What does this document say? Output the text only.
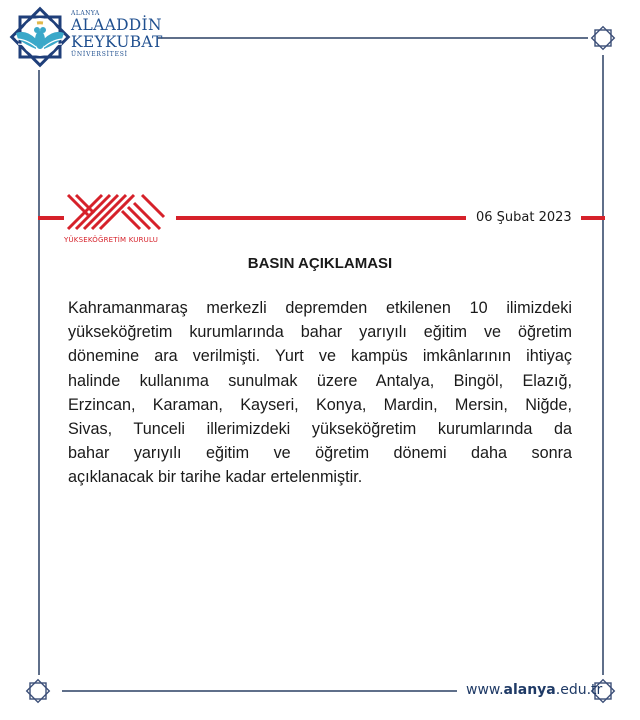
ALANYA
ALAADDİN
KEYKUBAT
ÜNİVERSİTESİ
YÜKSEKÖĞRETİM KURULU
06 Şubat 2023
BASIN AÇIKLAMASI
Kahramanmaraş merkezli depremden etkilenen 10 ilimizdeki
yükseköğretim kurumlarında bahar yarıyılı eğitim ve öğretim
dönemine ara verilmişti. Yurt ve kampüs imkânlarının ihtiyaç
halinde kullanıma sunulmak üzere Antalya, Bingöl, Elazığ,
Erzincan, Karaman, Kayseri, Konya, Mardin, Mersin, Niğde,
Sivas, Tunceli illerimizdeki yükseköğretim kurumlarında da
bahar yarıyılı eğitim ve öğretim dönemi daha sonra
açıklanacak bir tarihe kadar ertelenmiştir.
www.alanya.edu.tr
